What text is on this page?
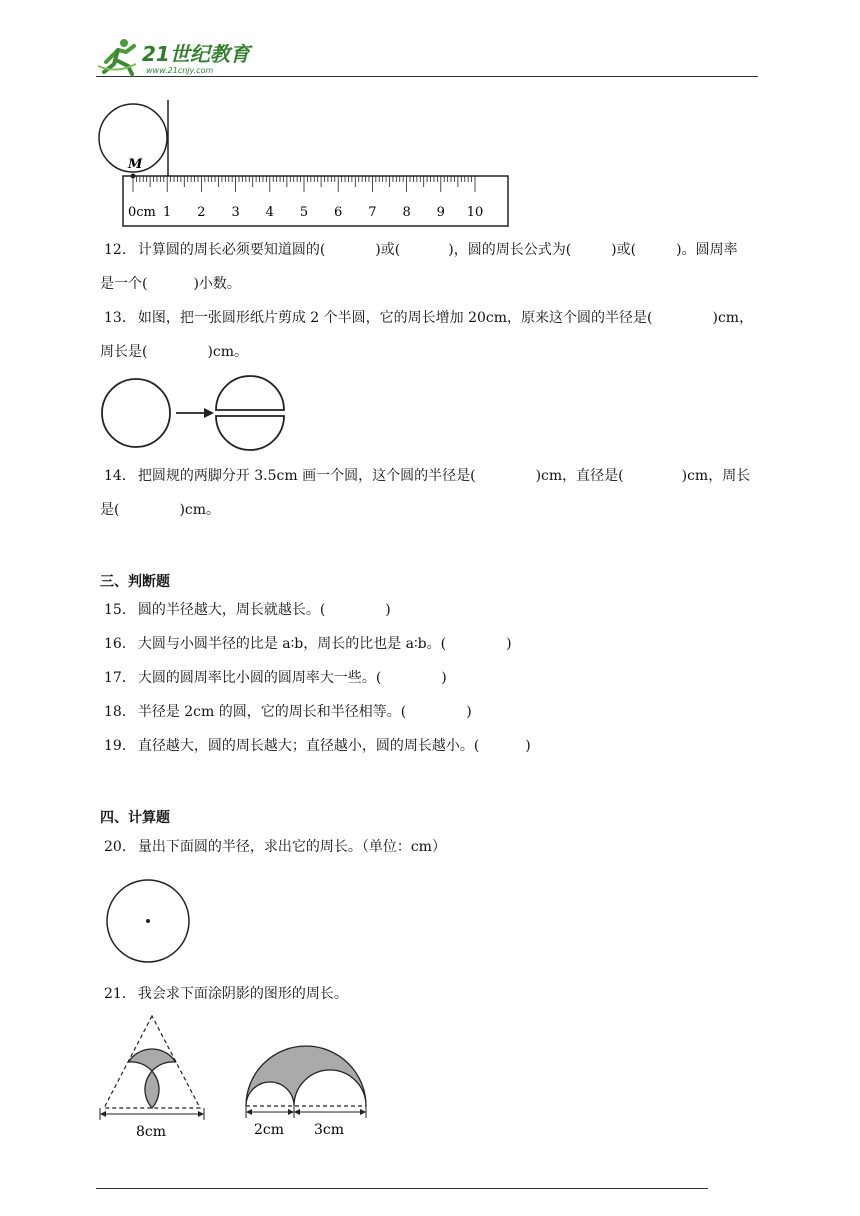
21世纪教育
www.21cnjy.com
M
0cm 1 2 3 4 5 6 7 8 9 10
12． 计算圆的周长必须要知道圆的(	)或(	)，圆的周长公式为(	)或(	)。圆周率
是一个(	)小数。
13． 如图，把一张圆形纸片剪成 2 个半圆，它的周长增加 20cm，原来这个圆的半径是(	)cm，
周长是(	)cm。
14． 把圆规的两脚分开 3.5cm 画一个圆，这个圆的半径是(	)cm，直径是(	)cm，周长
是(	)cm。
三、判断题
15． 圆的半径越大，周长就越长。(	)
16． 大圆与小圆半径的比是 a∶b，周长的比也是 a∶b。(	)
17． 大圆的圆周率比小圆的圆周率大一些。(	)
18． 半径是 2cm 的圆，它的周长和半径相等。(	)
19． 直径越大，圆的周长越大；直径越小，圆的周长越小。(	)
四、计算题
20． 量出下面圆的半径，求出它的周长。（单位：cm）
21． 我会求下面涂阴影的图形的周长。
8cm	2cm 3cm
